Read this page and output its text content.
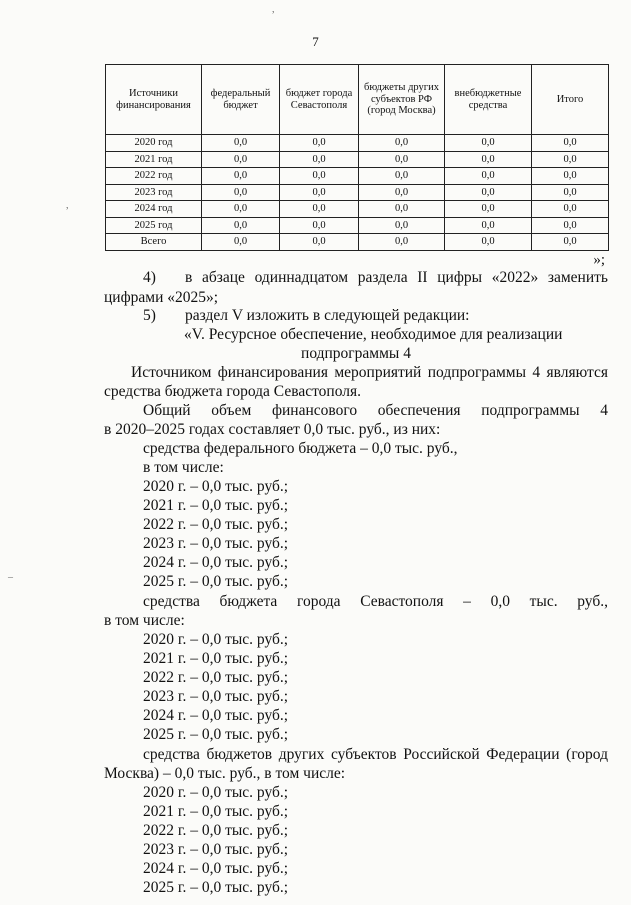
7
Источники финансирования	федеральный бюджет	бюджет города Севастополя	бюджеты других субъектов РФ (город Москва)	внебюджетные средства	Итого
2020 год	0,0	0,0	0,0	0,0	0,0
2021 год	0,0	0,0	0,0	0,0	0,0
2022 год	0,0	0,0	0,0	0,0	0,0
2023 год	0,0	0,0	0,0	0,0	0,0
2024 год	0,0	0,0	0,0	0,0	0,0
2025 год	0,0	0,0	0,0	0,0	0,0
Всего	0,0	0,0	0,0	0,0	0,0
»;
4) в абзаце одиннадцатом раздела II цифры «2022» заменить
цифрами «2025»;
5) раздел V изложить в следующей редакции:
«V. Ресурсное обеспечение, необходимое для реализации
подпрограммы 4
Источником финансирования мероприятий подпрограммы 4 являются
средства бюджета города Севастополя.
Общий объем финансового обеспечения подпрограммы 4
в 2020–2025 годах составляет 0,0 тыс. руб., из них:
средства федерального бюджета – 0,0 тыс. руб.,
в том числе:
2020 г. – 0,0 тыс. руб.;
2021 г. – 0,0 тыс. руб.;
2022 г. – 0,0 тыс. руб.;
2023 г. – 0,0 тыс. руб.;
2024 г. – 0,0 тыс. руб.;
2025 г. – 0,0 тыс. руб.;
средства бюджета города Севастополя – 0,0 тыс. руб.,
в том числе:
2020 г. – 0,0 тыс. руб.;
2021 г. – 0,0 тыс. руб.;
2022 г. – 0,0 тыс. руб.;
2023 г. – 0,0 тыс. руб.;
2024 г. – 0,0 тыс. руб.;
2025 г. – 0,0 тыс. руб.;
средства бюджетов других субъектов Российской Федерации (город
Москва) – 0,0 тыс. руб., в том числе:
2020 г. – 0,0 тыс. руб.;
2021 г. – 0,0 тыс. руб.;
2022 г. – 0,0 тыс. руб.;
2023 г. – 0,0 тыс. руб.;
2024 г. – 0,0 тыс. руб.;
2025 г. – 0,0 тыс. руб.;
,
–
,
